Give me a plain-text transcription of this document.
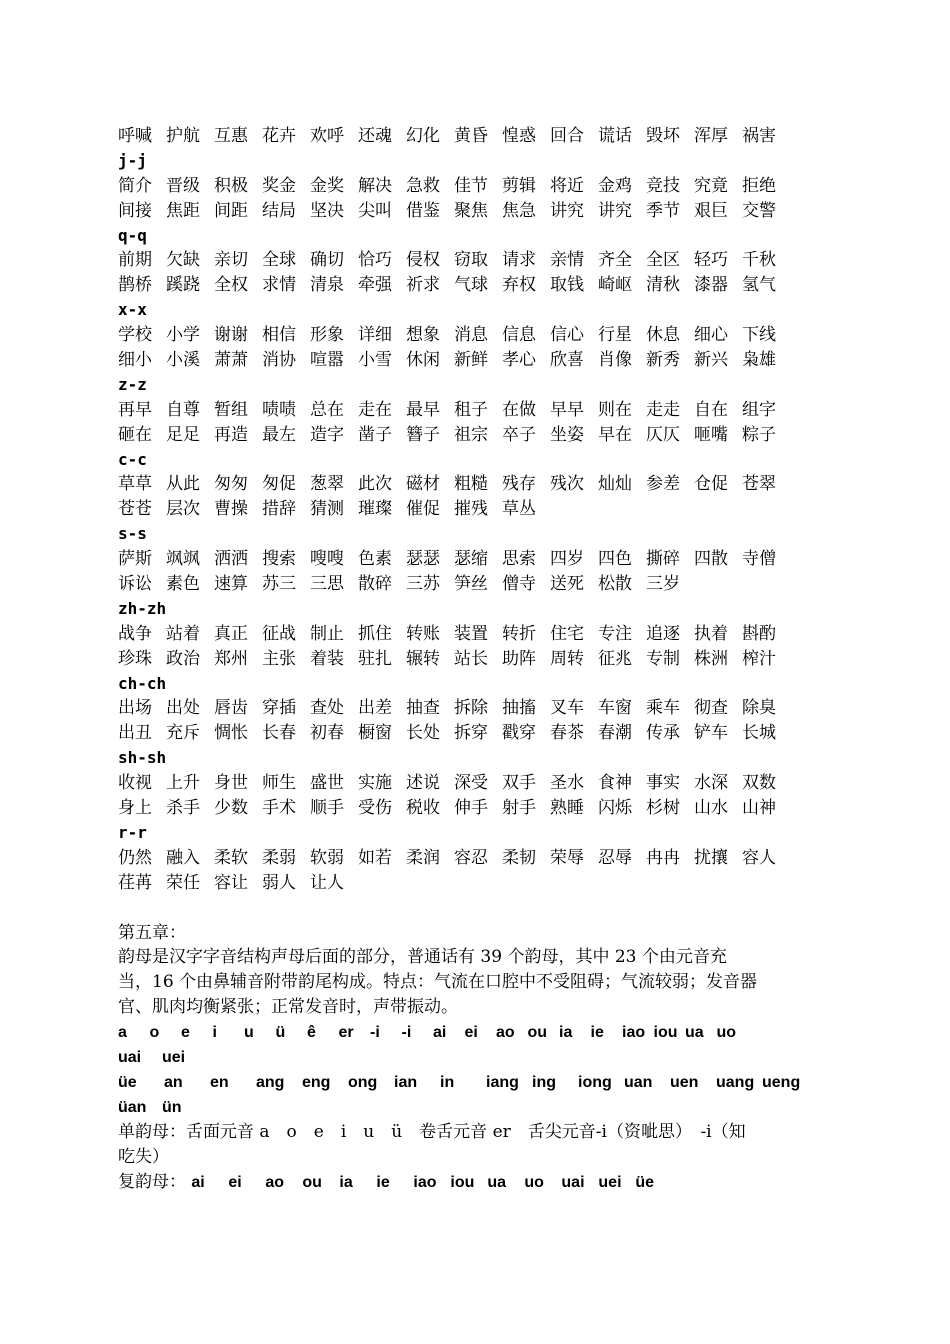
呼喊 护航 互惠 花卉 欢呼 还魂 幻化 黄昏 惶惑 回合 谎话 毁坏 浑厚 祸害
j-j
简介 晋级 积极 奖金 金奖 解决 急救 佳节 剪辑 将近 金鸡 竞技 究竟 拒绝
间接 焦距 间距 结局 坚决 尖叫 借鉴 聚焦 焦急 讲究 讲究 季节 艰巨 交警
q-q
前期 欠缺 亲切 全球 确切 恰巧 侵权 窃取 请求 亲情 齐全 全区 轻巧 千秋
鹊桥 蹊跷 全权 求情 清泉 牵强 祈求 气球 弃权 取钱 崎岖 清秋 漆器 氢气
x-x
学校 小学 谢谢 相信 形象 详细 想象 消息 信息 信心 行星 休息 细心 下线
细小 小溪 萧萧 消协 喧嚣 小雪 休闲 新鲜 孝心 欣喜 肖像 新秀 新兴 枭雄
z-z
再早 自尊 暂组 啧啧 总在 走在 最早 租子 在做 早早 则在 走走 自在 组字
砸在 足足 再造 最左 造字 凿子 簪子 祖宗 卒子 坐姿 早在 仄仄 咂嘴 粽子
c-c
草草 从此 匆匆 匆促 葱翠 此次 磁材 粗糙 残存 残次 灿灿 参差 仓促 苍翠
苍苍 层次 曹操 措辞 猜测 璀璨 催促 摧残 草丛
s-s
萨斯 飒飒 洒洒 搜索 嗖嗖 色素 瑟瑟 瑟缩 思索 四岁 四色 撕碎 四散 寺僧
诉讼 素色 速算 苏三 三思 散碎 三苏 笋丝 僧寺 送死 松散 三岁
zh-zh
战争 站着 真正 征战 制止 抓住 转账 装置 转折 住宅 专注 追逐 执着 斟酌
珍珠 政治 郑州 主张 着装 驻扎 辗转 站长 助阵 周转 征兆 专制 株洲 榨汁
ch-ch
出场 出处 唇齿 穿插 查处 出差 抽查 拆除 抽搐 叉车 车窗 乘车 彻查 除臭
出丑 充斥 惆怅 长春 初春 橱窗 长处 拆穿 戳穿 春茶 春潮 传承 铲车 长城
sh-sh
收视 上升 身世 师生 盛世 实施 述说 深受 双手 圣水 食神 事实 水深 双数
身上 杀手 少数 手术 顺手 受伤 税收 伸手 射手 熟睡 闪烁 杉树 山水 山神
r-r
仍然 融入 柔软 柔弱 软弱 如若 柔润 容忍 柔韧 荣辱 忍辱 冉冉 扰攘 容人
荏苒 荣任 容让 弱人 让人
第五章：
韵母是汉字字音结构声母后面的部分，普通话有 39 个韵母，其中 23 个由元音充
当，16 个由鼻辅音附带韵尾构成。特点：气流在口腔中不受阻碍；气流较弱；发音器
官、肌肉均衡紧张；正常发音时，声带振动。
a o e i u ü ê er -i -i ai ei ao ou ia ie iao iou ua uo
uai uei
üe an en ang eng ong ian in iang ing iong uan uen uang ueng
üan ün
单韵母：舌面元音 a　o　e　i　u　ü　卷舌元音 er　舌尖元音-i（资呲思）　-i（知
吃失）
复韵母： ai ei ao ou ia ie iao iou ua uo uai uei üe
